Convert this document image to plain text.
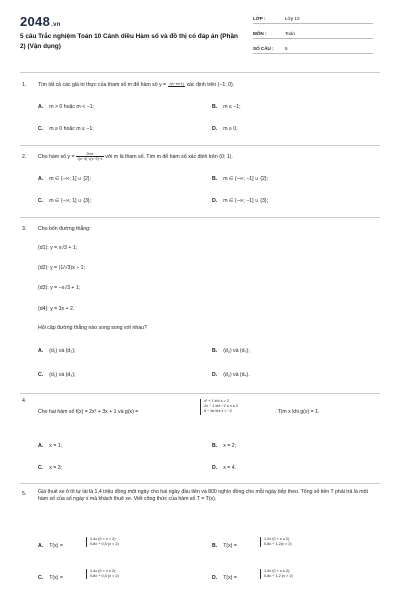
2048.vn
5 câu Trắc nghiệm Toán 10 Cánh diều Hàm số và đồ thị có đáp án (Phần 2) (Vận dụng)
LỚP :	Lớp 10
MÔN :	Toán
SỐ CÂU : 5
1. Tìm tất cả các giá trị thực của tham số m để hàm số y = √(x−m+1) xác định trên (−1; 0).
A. m > 0 hoặc m < −1;	B. m ≤ −1;
C. m ≥ 0 hoặc m ≤ −1;	D. m ≥ 0.
2. Cho hàm số $y = \frac{2mx}{√(x-4)\cdot√(x-2)-1}$ với m là tham số. Tìm m để hàm số xác định trên (0; 1).
A. m ∈ (−∞; 1] ∪ {2};	B. m ∈ (−∞; −1] ∪ {2};
C. m ∈ (−∞; 1] ∪ {3};	D. m ∈ (−∞; −1] ∪ {3};
3. Cho bốn đường thẳng:
(d1): y = x√3 + 1;
(d2): y = (1/√3)x − 1;
(d3): y = −x√3 + 1;
(d4): y = 3x + 2.
Hỏi cặp đường thẳng nào song song với nhau?
A. (d₁) và (d₂);	B. (d₂) và (d₃);
C. (d₁) và (d₃);	D. (d₂) và (d₄).
4.
Cho hai hàm số f(x) = 2x² + 3x + 1 và g(x) =
x³ + 1 khi x > 2
2x − 1 khi −2 ≤ x ≤ 2
6 − 6x khi x < −2	. Tìm x khi g(x) = 1.
A. x = 1;	B. x = 2;
C. x = 3;	D. x = 4.
5. Giá thuê xe ô tô tự lái là 1,4 triệu đồng một ngày cho hai ngày đầu tiên và 800 nghìn đồng cho mỗi ngày tiếp theo. Tổng số tiền T phải trả là một hàm số của số ngày x mà khách thuê xe. Viết công thức của hàm số T = T(x).
A. T(x) =
1,4x (0 < x < 2)
0,8x + 0,5 (x > 2)	B. T(x) =
1,2x (0 < x ≤ 2)
0,8x + 1,2(x > 2)
C. T(x) =
1,4x (0 < x ≤ 2)
0,8x + 0,5 (x > 2)	D. T(x) =
1,4x (0 < x ≤ 2)
0,8x + 1,2 (x > 2)
